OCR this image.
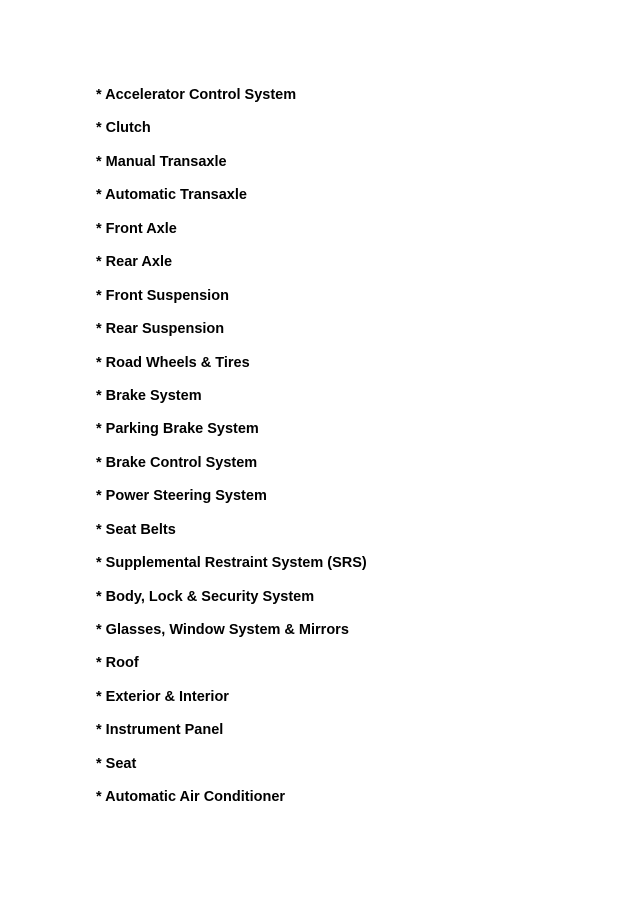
* Accelerator Control System
* Clutch
* Manual Transaxle
* Automatic Transaxle
* Front Axle
* Rear Axle
* Front Suspension
* Rear Suspension
* Road Wheels & Tires
* Brake System
* Parking Brake System
* Brake Control System
* Power Steering System
* Seat Belts
* Supplemental Restraint System (SRS)
* Body, Lock & Security System
* Glasses, Window System & Mirrors
* Roof
* Exterior & Interior
* Instrument Panel
* Seat
* Automatic Air Conditioner
